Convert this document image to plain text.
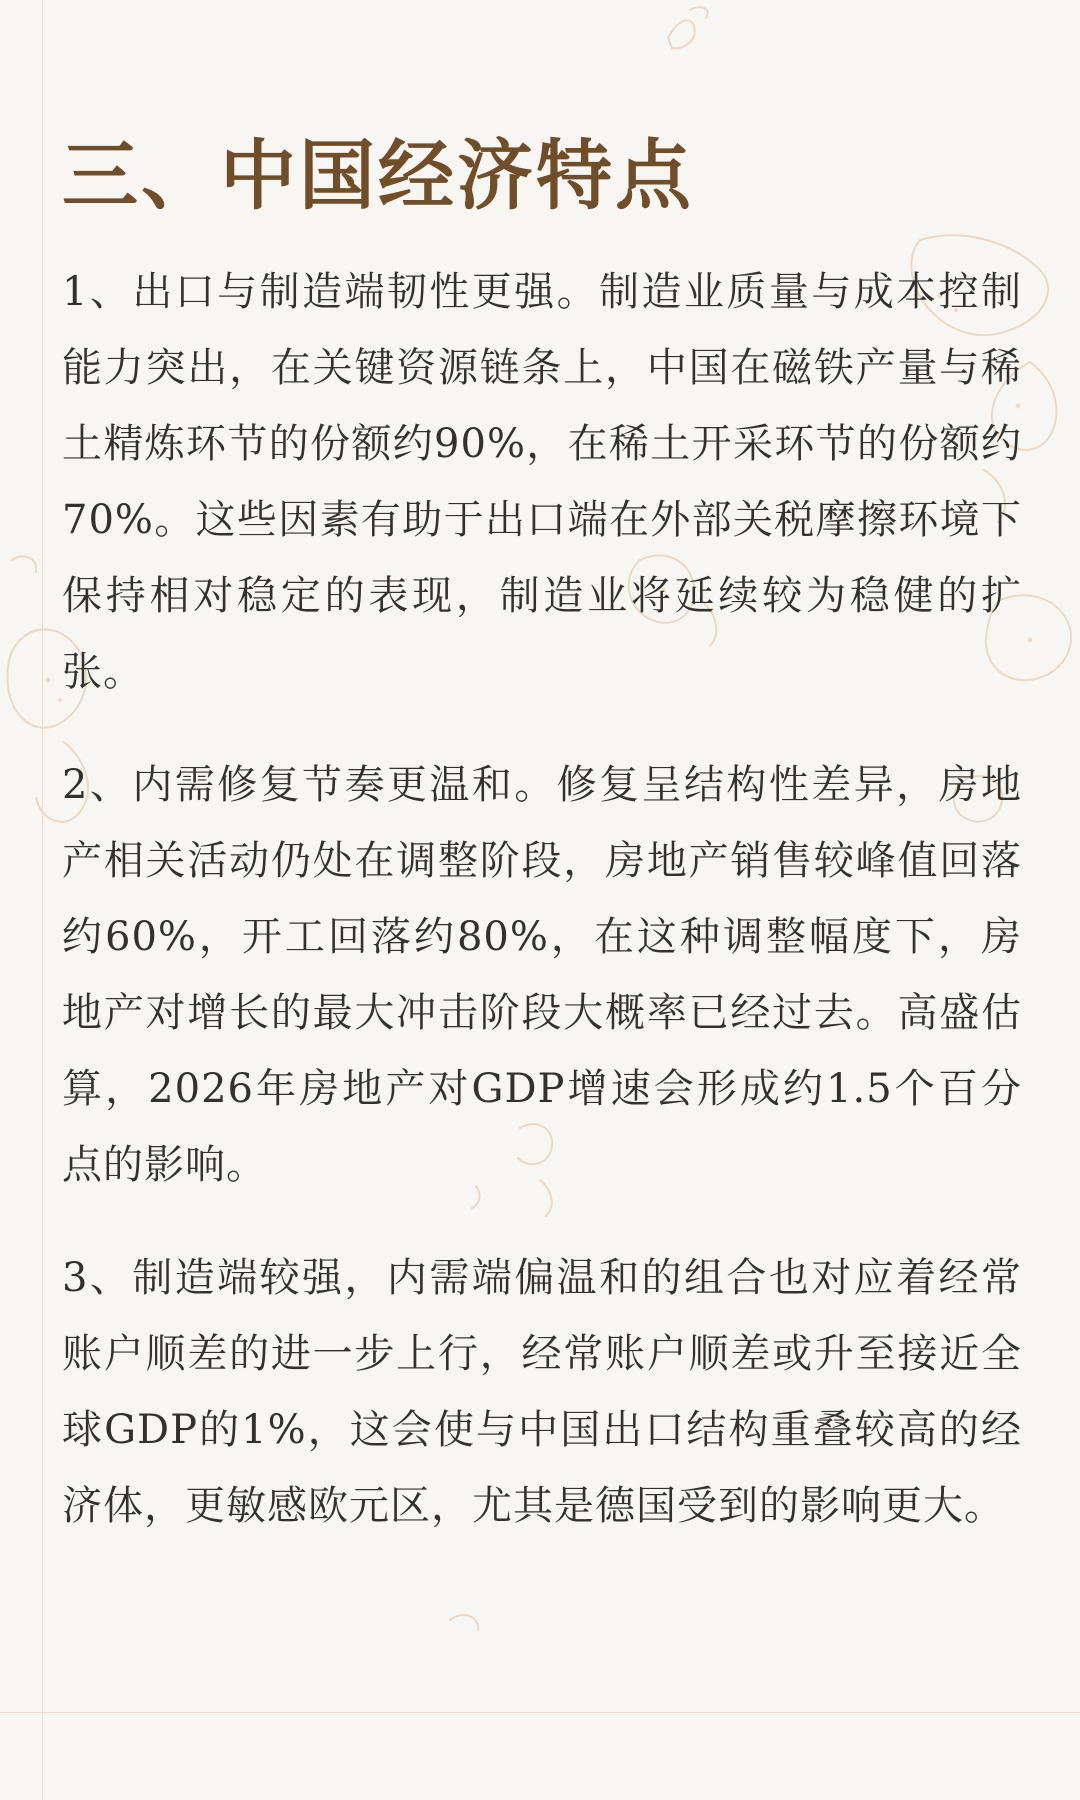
三、中国经济特点

1、出口与制造端韧性更强。制造业质量与成本控制能力突出，在关键资源链条上，中国在磁铁产量与稀土精炼环节的份额约90%，在稀土开采环节的份额约70%。这些因素有助于出口端在外部关税摩擦环境下保持相对稳定的表现，制造业将延续较为稳健的扩张。

2、内需修复节奏更温和。修复呈结构性差异，房地产相关活动仍处在调整阶段，房地产销售较峰值回落约60%，开工回落约80%，在这种调整幅度下，房地产对增长的最大冲击阶段大概率已经过去。高盛估算，2026年房地产对GDP增速会形成约1.5个百分点的影响。

3、制造端较强，内需端偏温和的组合也对应着经常账户顺差的进一步上行，经常账户顺差或升至接近全球GDP的1%，这会使与中国出口结构重叠较高的经济体，更敏感欧元区，尤其是德国受到的影响更大。
